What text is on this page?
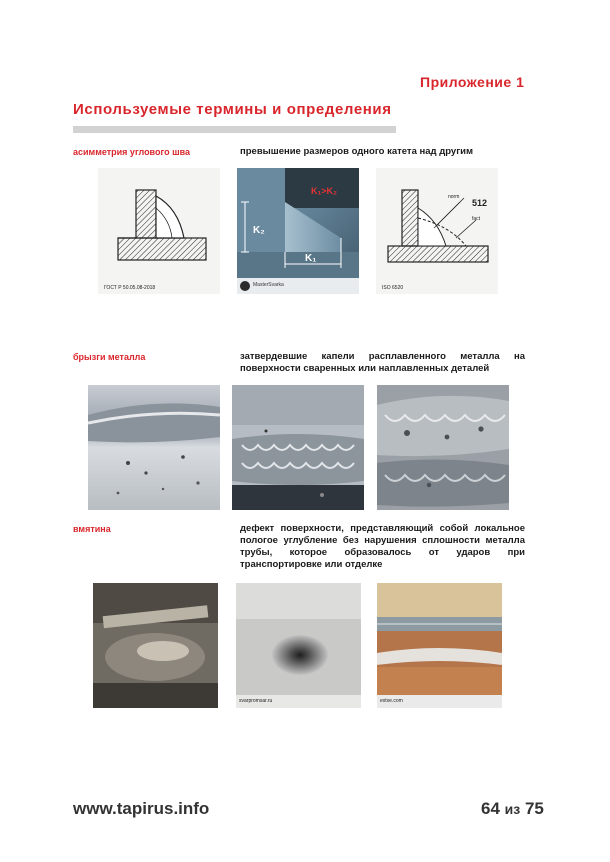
Приложение 1
Используемые термины и определения
асимметрия углового шва	превышение размеров одного катета над другим
ГОСТ Р 50.05.08-2018
K₂
K₁
K₁>K₂
MasterSvarka
512
norm
fact
ISO 6520
брызги металла	затвердевшие капели расплавленного металла на поверхности сваренных или наплавленных деталей
вмятина	дефект поверхности, представляющий собой локальное пологое углубление без нарушения сплошности металла трубы, которое образовалось от ударов при транспортировке или отделке
svarpromsar.ru	extxe.com
www.tapirus.info	64 из 75
